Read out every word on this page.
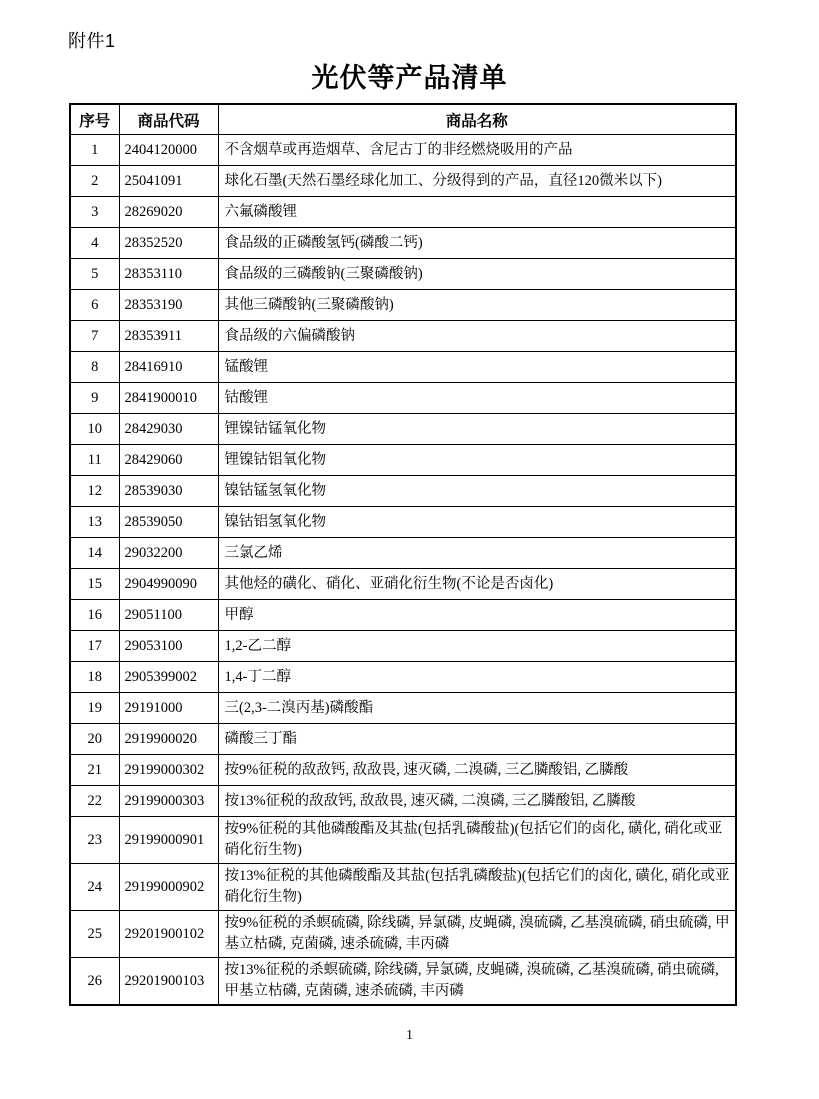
附件1
光伏等产品清单
序号	商品代码	商品名称
1	2404120000	不含烟草或再造烟草、含尼古丁的非经燃烧吸用的产品
2	25041091	球化石墨(天然石墨经球化加工、分级得到的产品，直径120微米以下)
3	28269020	六氟磷酸锂
4	28352520	食品级的正磷酸氢钙(磷酸二钙)
5	28353110	食品级的三磷酸钠(三聚磷酸钠)
6	28353190	其他三磷酸钠(三聚磷酸钠)
7	28353911	食品级的六偏磷酸钠
8	28416910	锰酸锂
9	2841900010	钴酸锂
10	28429030	锂镍钴锰氧化物
11	28429060	锂镍钴铝氧化物
12	28539030	镍钴锰氢氧化物
13	28539050	镍钴铝氢氧化物
14	29032200	三氯乙烯
15	2904990090	其他烃的磺化、硝化、亚硝化衍生物(不论是否卤化)
16	29051100	甲醇
17	29053100	1,2-乙二醇
18	2905399002	1,4-丁二醇
19	29191000	三(2,3-二溴丙基)磷酸酯
20	2919900020	磷酸三丁酯
21	29199000302	按9%征税的敌敌钙, 敌敌畏, 速灭磷, 二溴磷, 三乙膦酸铝, 乙膦酸
22	29199000303	按13%征税的敌敌钙, 敌敌畏, 速灭磷, 二溴磷, 三乙膦酸铝, 乙膦酸
23	29199000901	按9%征税的其他磷酸酯及其盐(包括乳磷酸盐)(包括它们的卤化, 磺化, 硝化或亚硝化衍生物)
24	29199000902	按13%征税的其他磷酸酯及其盐(包括乳磷酸盐)(包括它们的卤化, 磺化, 硝化或亚硝化衍生物)
25	29201900102	按9%征税的杀螟硫磷, 除线磷, 异氯磷, 皮蝇磷, 溴硫磷, 乙基溴硫磷, 硝虫硫磷, 甲基立枯磷, 克菌磷, 速杀硫磷, 丰丙磷
26	29201900103	按13%征税的杀螟硫磷, 除线磷, 异氯磷, 皮蝇磷, 溴硫磷, 乙基溴硫磷, 硝虫硫磷, 甲基立枯磷, 克菌磷, 速杀硫磷, 丰丙磷
1
